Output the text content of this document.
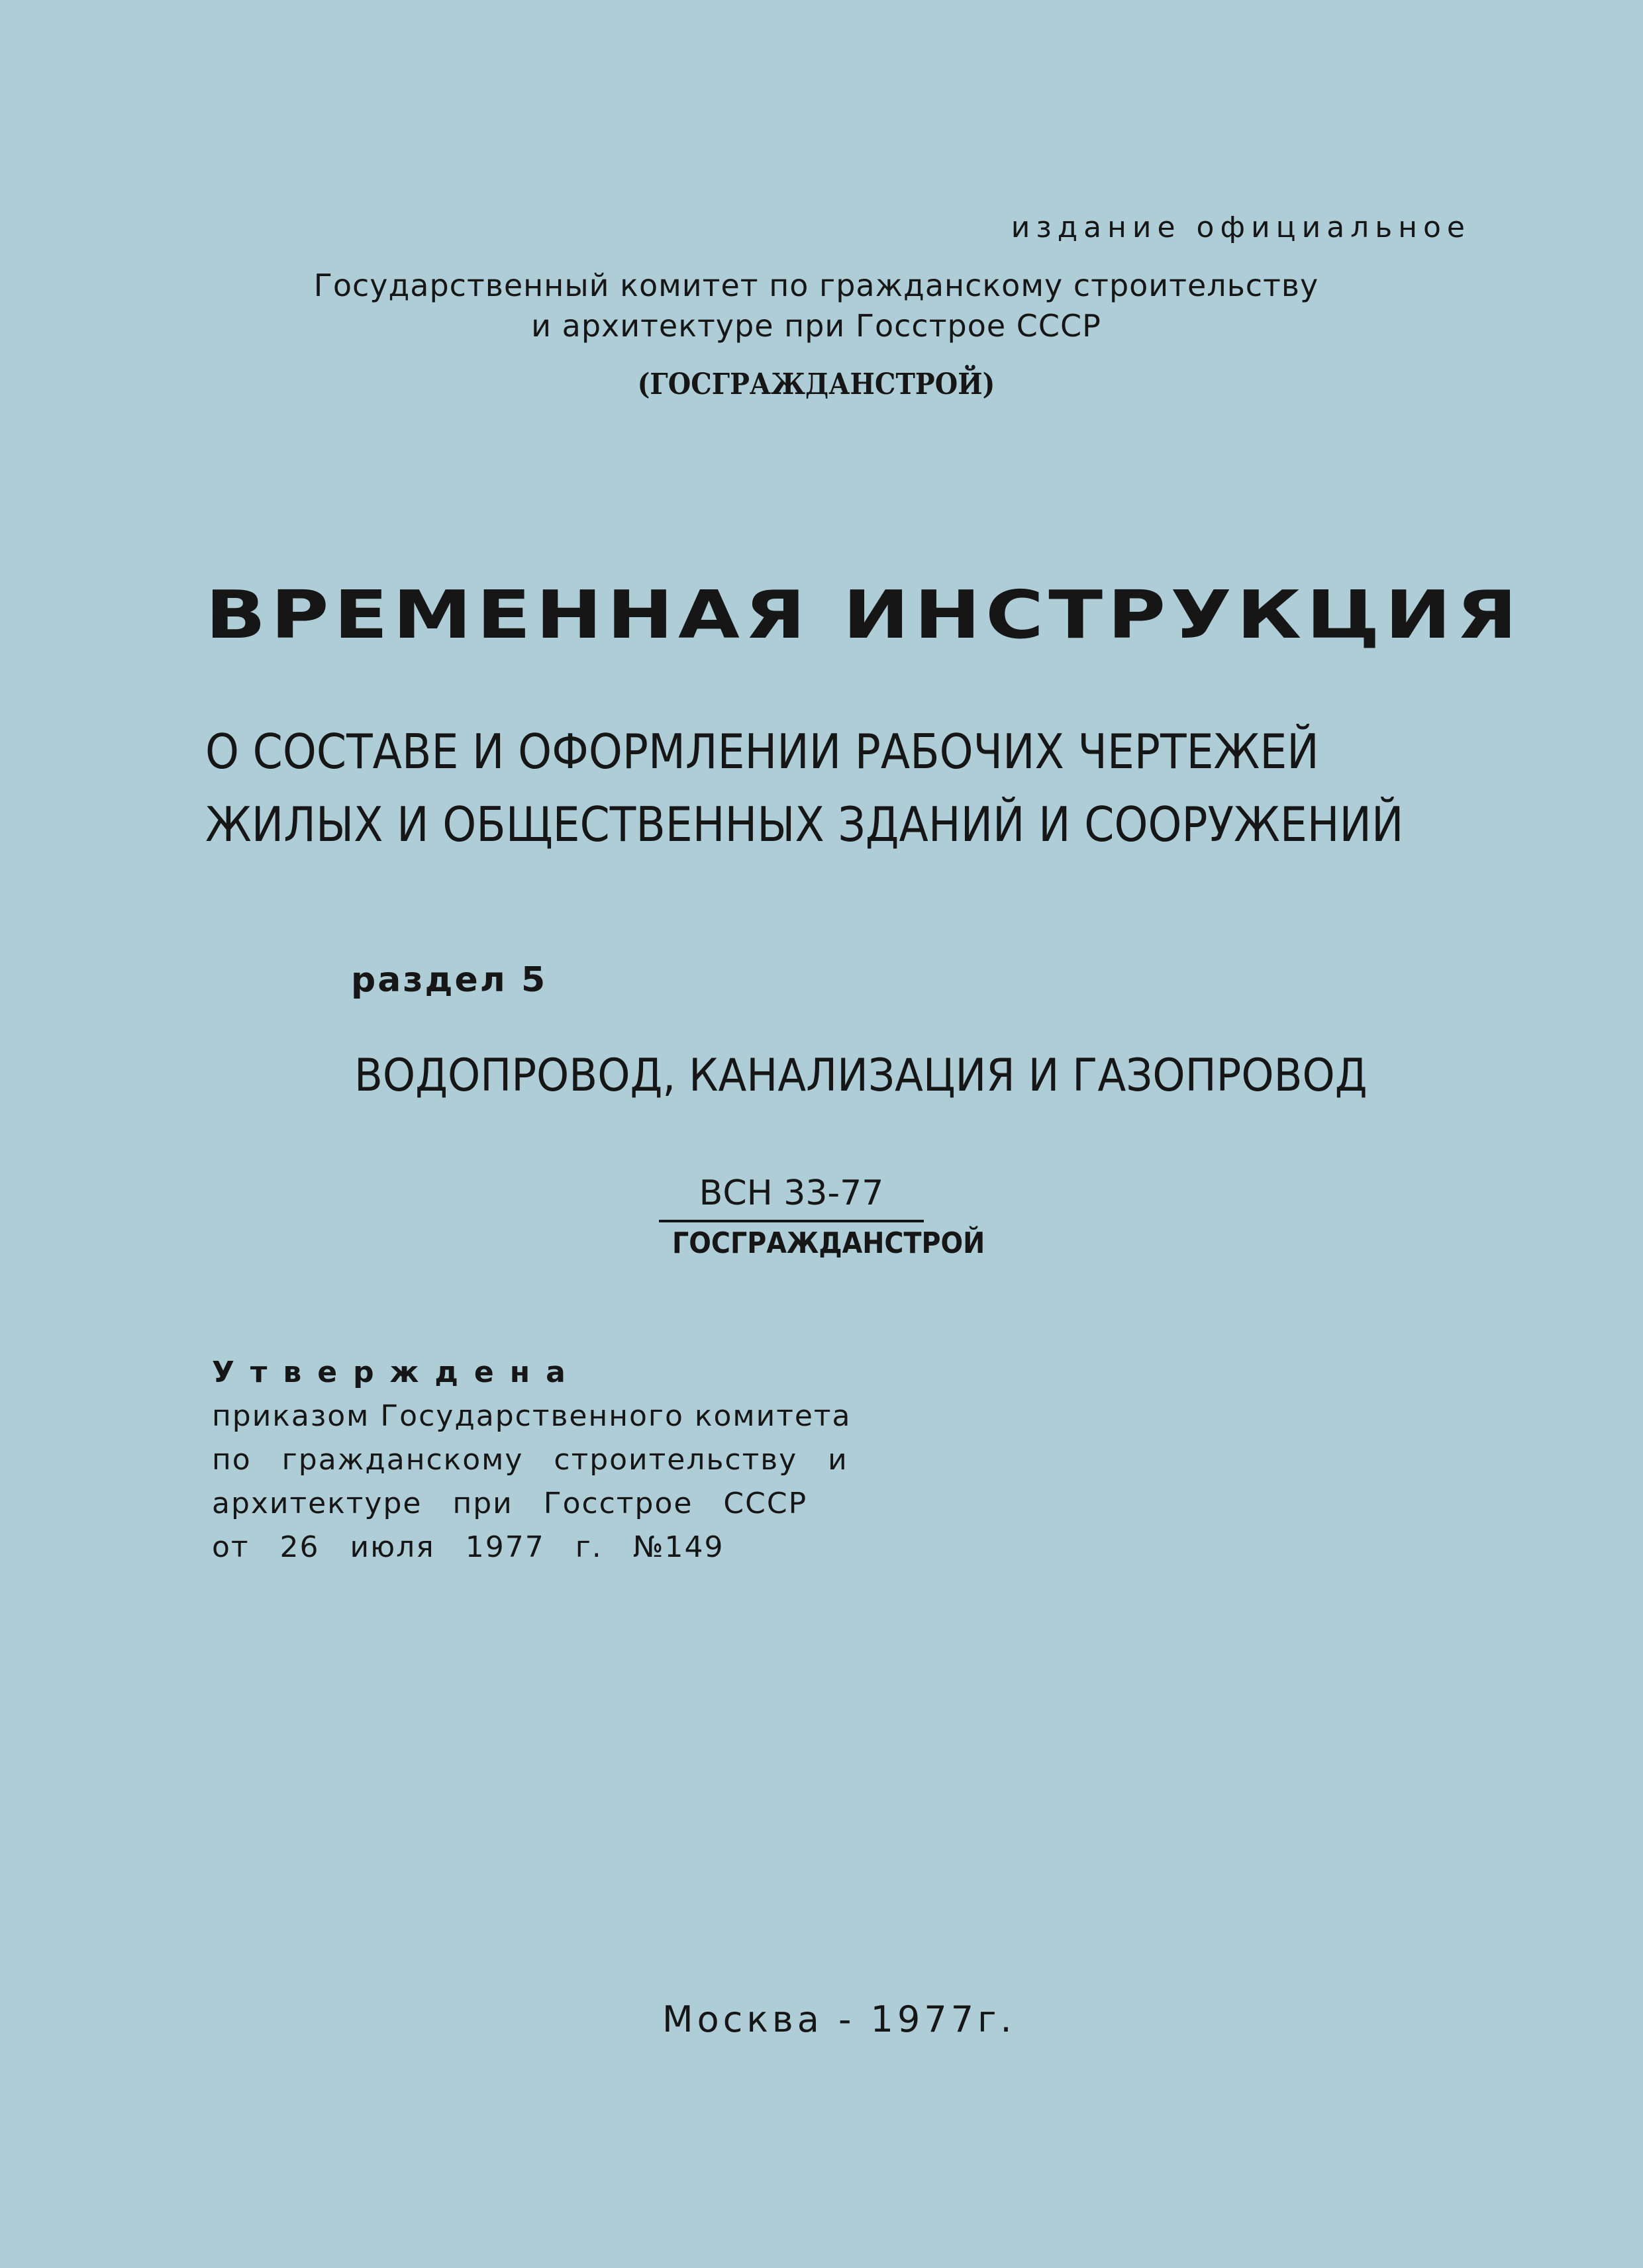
издание официальное

Государственный комитет по гражданскому строительству

и архитектуре при Госстрое СССР

(ГОСГРАЖДАНСТРОЙ)

ВРЕМЕННАЯ ИНСТРУКЦИЯ
О СОСТАВЕ И ОФОРМЛЕНИИ РАБОЧИХ ЧЕРТЕЖЕЙ
ЖИЛЫХ И ОБЩЕСТВЕННЫХ ЗДАНИЙ И СООРУЖЕНИЙ

раздел 5

ВОДОПРОВОД, КАНАЛИЗАЦИЯ И ГАЗОПРОВОД

ВСН 33-77
ГОСГРАЖДАНСТРОЙ
Утверждена
приказом Государственного комитета
по гражданскому строительству и
архитектуре при Госстрое СССР
от 26 июля 1977 г. №149

Москва - 1977г.
